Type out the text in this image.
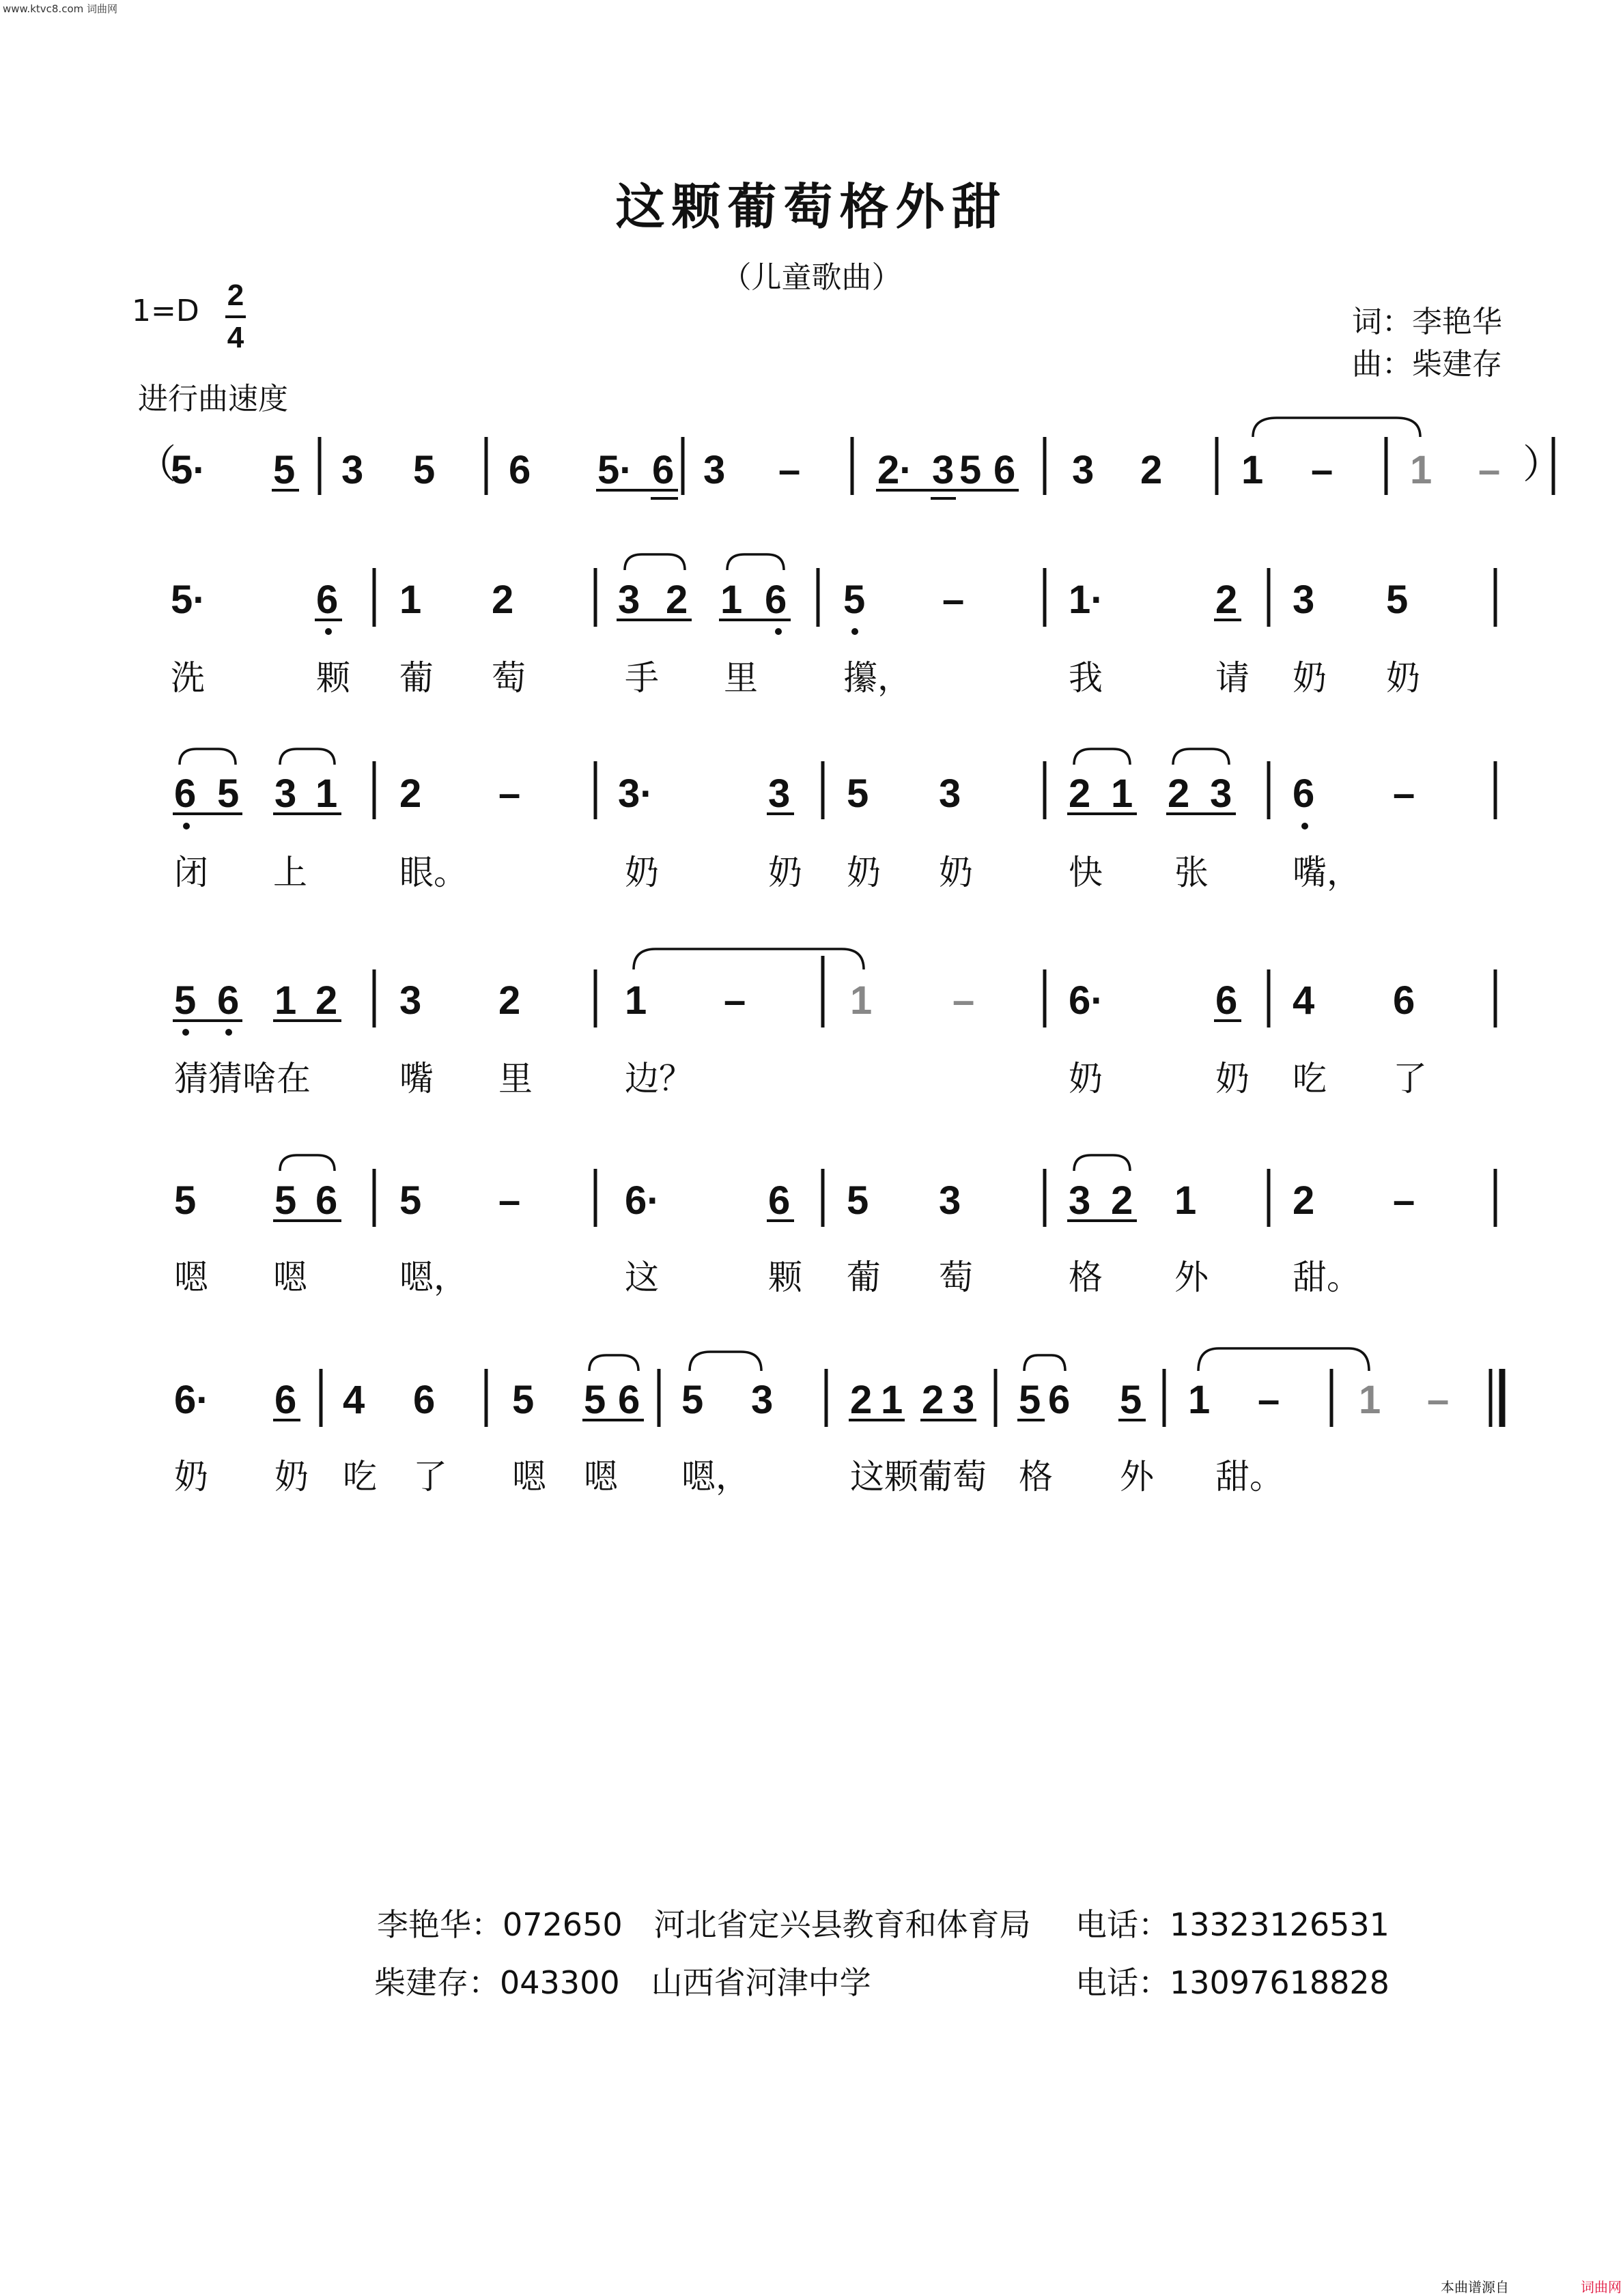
www.ktvc8.com 词曲网
这颗葡萄格外甜
（儿童歌曲）
1=D 2
4
进行曲速度
词：李艳华
曲：柴建存
（
5· 5 3 5 6 5· 6 3 – 2· 3 5 6 3 2 1 – 1 – ）
5·	6 1 2	3 2 1 6 5 –	1·	2 3 5
洗	颗 葡 萄	手 里	攥，	我	请 奶 奶
6 5 3 1 2 – 3·	3 5 3	2 1 2 3 6 –
闭 上	眼。	奶	奶 奶 奶	快 张 嘴，
5 6 1 2 3 2	1 –	1 – 6·	6 4 6
猜猜啥在	嘴 里	边？	奶	奶 吃 了
5 5 6 5 –	6·	6 5 3	3 2 1 2 –
嗯 嗯	嗯，	这	颗 葡 萄	格 外 甜。
6· 6 4 6 5 5 6 5 3 2 1 2 3 5 6 5 1 – 1 –
奶 奶 吃 了 嗯 嗯 嗯，	这颗葡萄 格 外 甜。
李艳华：072650　河北省定兴县教育和体育局 电话：13323126531
柴建存：043300　山西省河津中学	电话：13097618828
本曲谱源自	词曲网
